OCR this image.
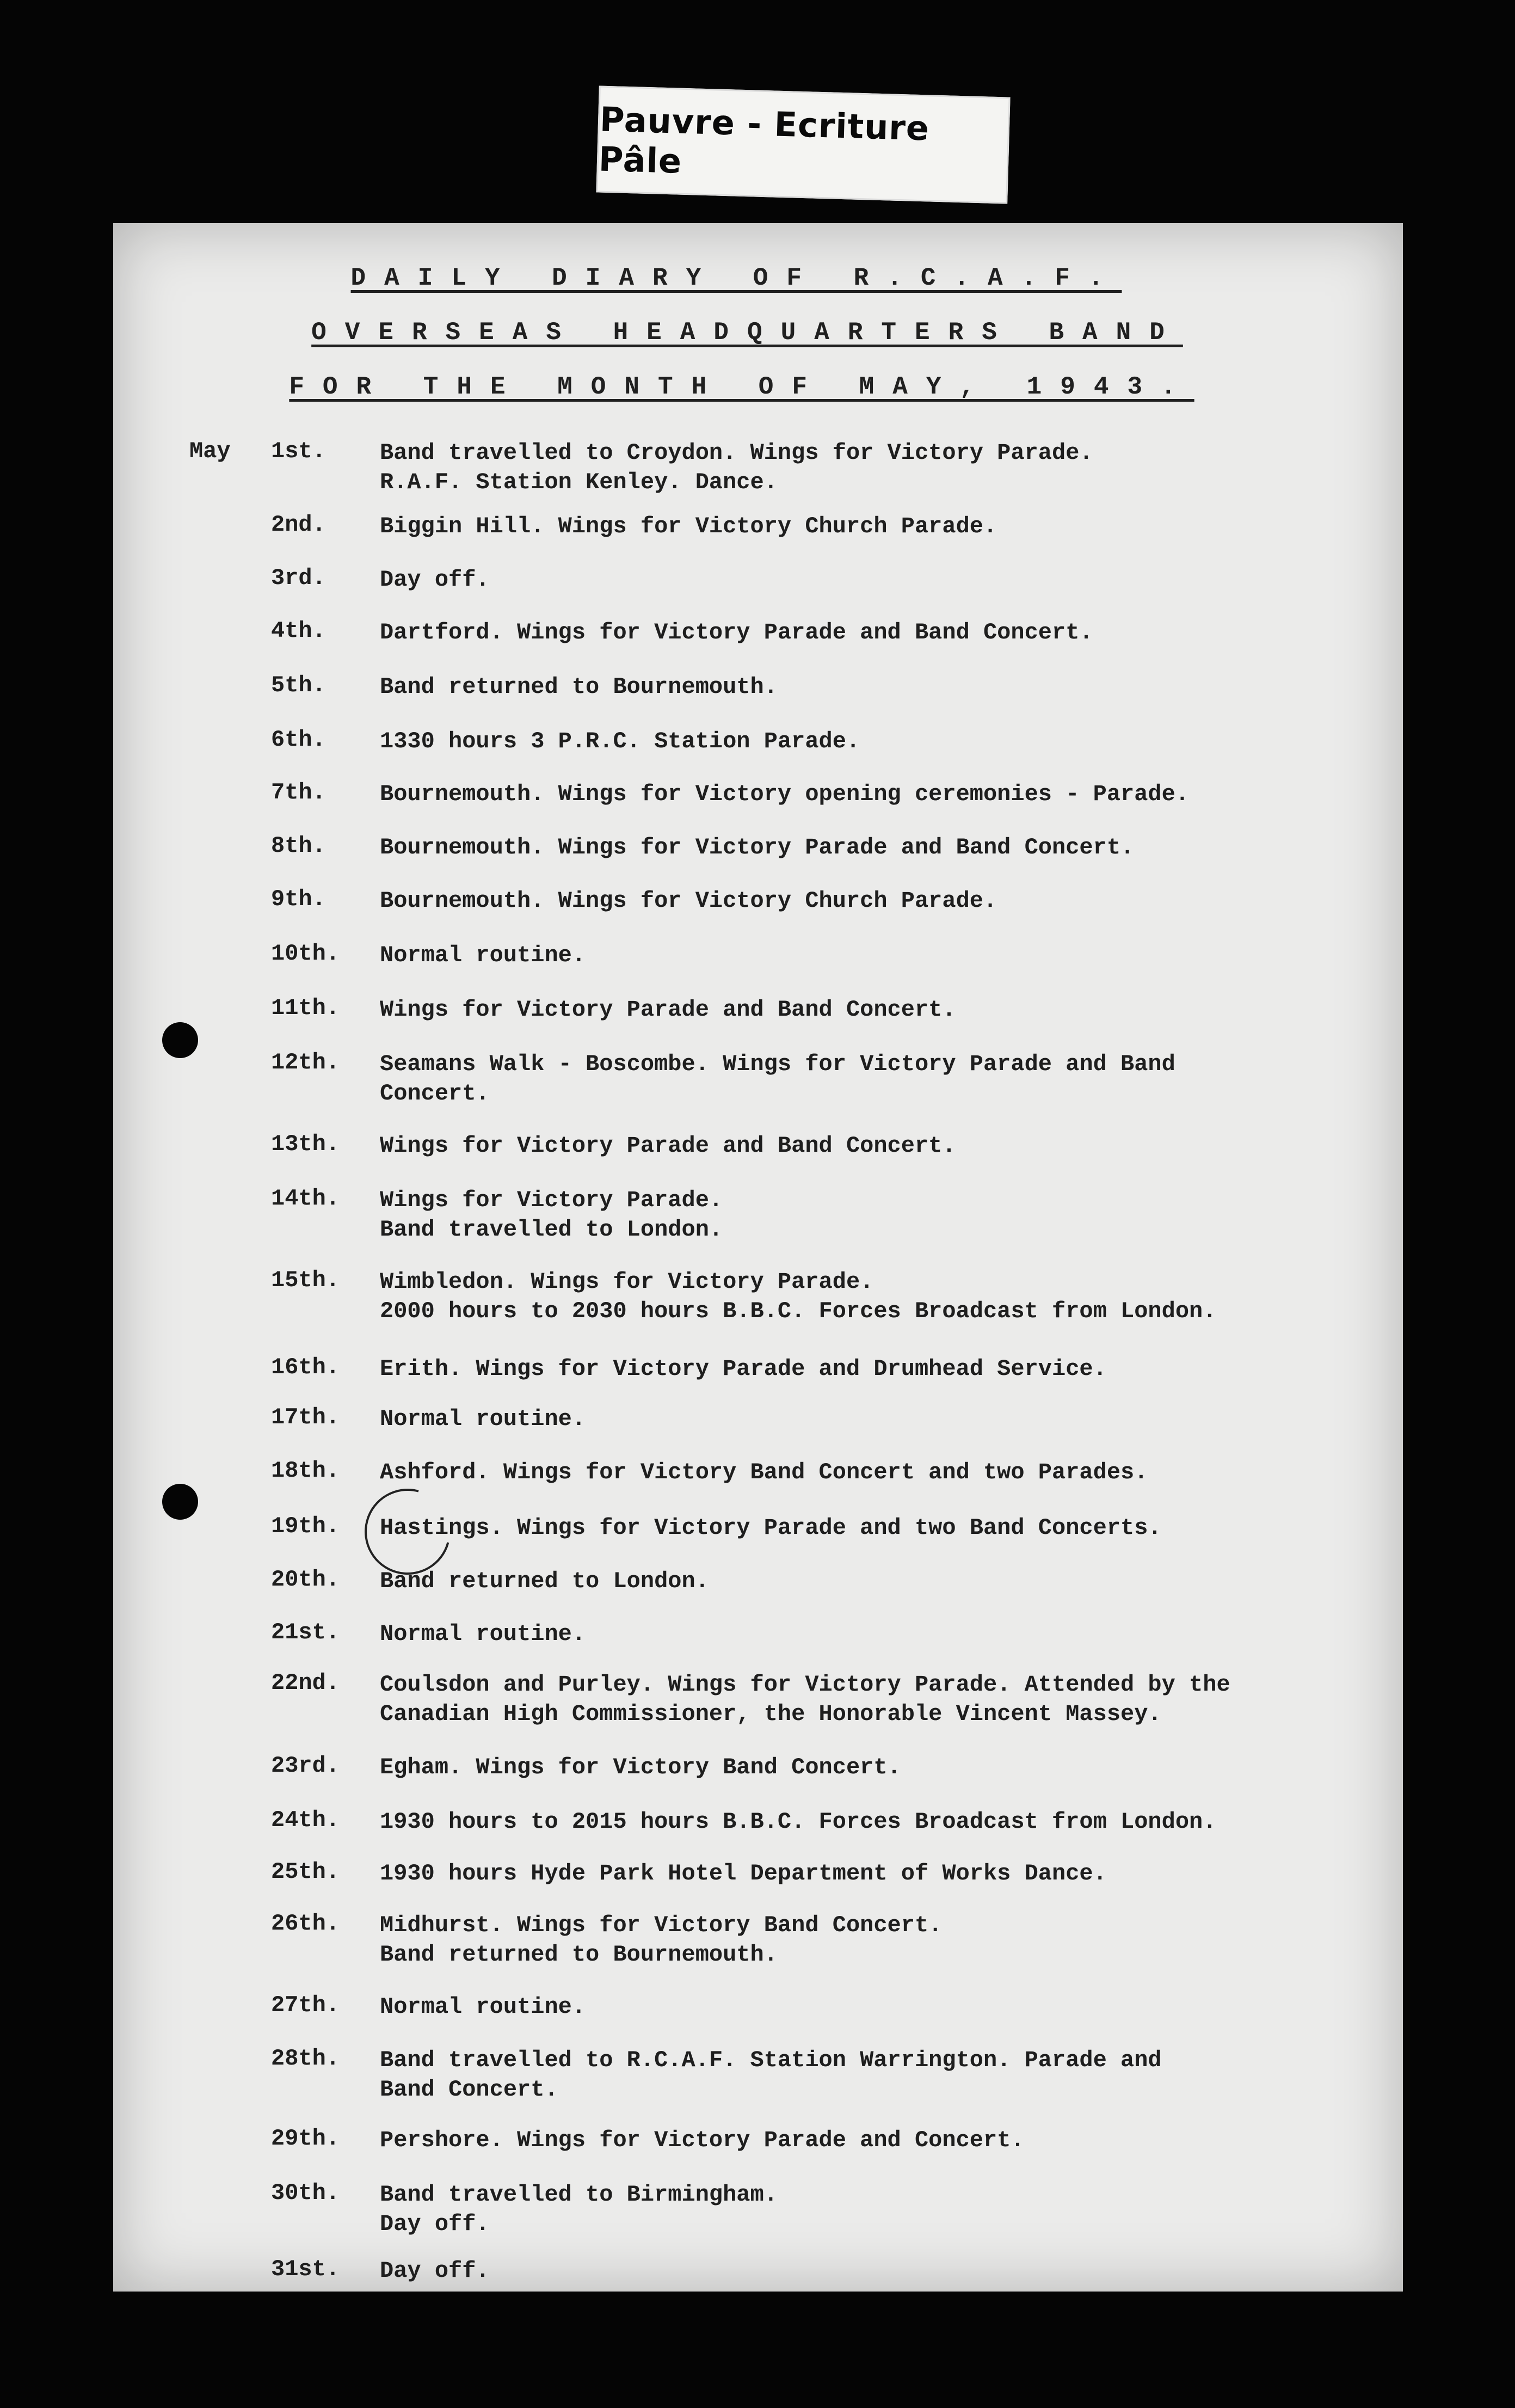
Pauvre - Ecriture Pâle
DAILY DIARY OF R.C.A.F.
OVERSEAS HEADQUARTERS BAND
FOR THE MONTH OF MAY, 1943.
May 1st.	Band travelled to Croydon. Wings for Victory Parade.
R.A.F. Station Kenley. Dance.
2nd.	Biggin Hill. Wings for Victory Church Parade.
3rd.	Day off.
4th.	Dartford. Wings for Victory Parade and Band Concert.
5th.	Band returned to Bournemouth.
6th.	1330 hours 3 P.R.C. Station Parade.
7th.	Bournemouth. Wings for Victory opening ceremonies - Parade.
8th.	Bournemouth. Wings for Victory Parade and Band Concert.
9th.	Bournemouth. Wings for Victory Church Parade.
10th.	Normal routine.
11th.	Wings for Victory Parade and Band Concert.
12th.	Seamans Walk - Boscombe. Wings for Victory Parade and Band
Concert.
13th.	Wings for Victory Parade and Band Concert.
14th.	Wings for Victory Parade.
Band travelled to London.
15th.	Wimbledon. Wings for Victory Parade.
2000 hours to 2030 hours B.B.C. Forces Broadcast from London.
16th.	Erith. Wings for Victory Parade and Drumhead Service.
17th.	Normal routine.
18th.	Ashford. Wings for Victory Band Concert and two Parades.
19th.	Hastings. Wings for Victory Parade and two Band Concerts.
20th.	Band returned to London.
21st.	Normal routine.
22nd.	Coulsdon and Purley. Wings for Victory Parade. Attended by the
Canadian High Commissioner, the Honorable Vincent Massey.
23rd.	Egham. Wings for Victory Band Concert.
24th.	1930 hours to 2015 hours B.B.C. Forces Broadcast from London.
25th.	1930 hours Hyde Park Hotel Department of Works Dance.
26th.	Midhurst. Wings for Victory Band Concert.
Band returned to Bournemouth.
27th.	Normal routine.
28th.	Band travelled to R.C.A.F. Station Warrington. Parade and
Band Concert.
29th.	Pershore. Wings for Victory Parade and Concert.
30th.	Band travelled to Birmingham.
Day off.
31st.	Day off.
